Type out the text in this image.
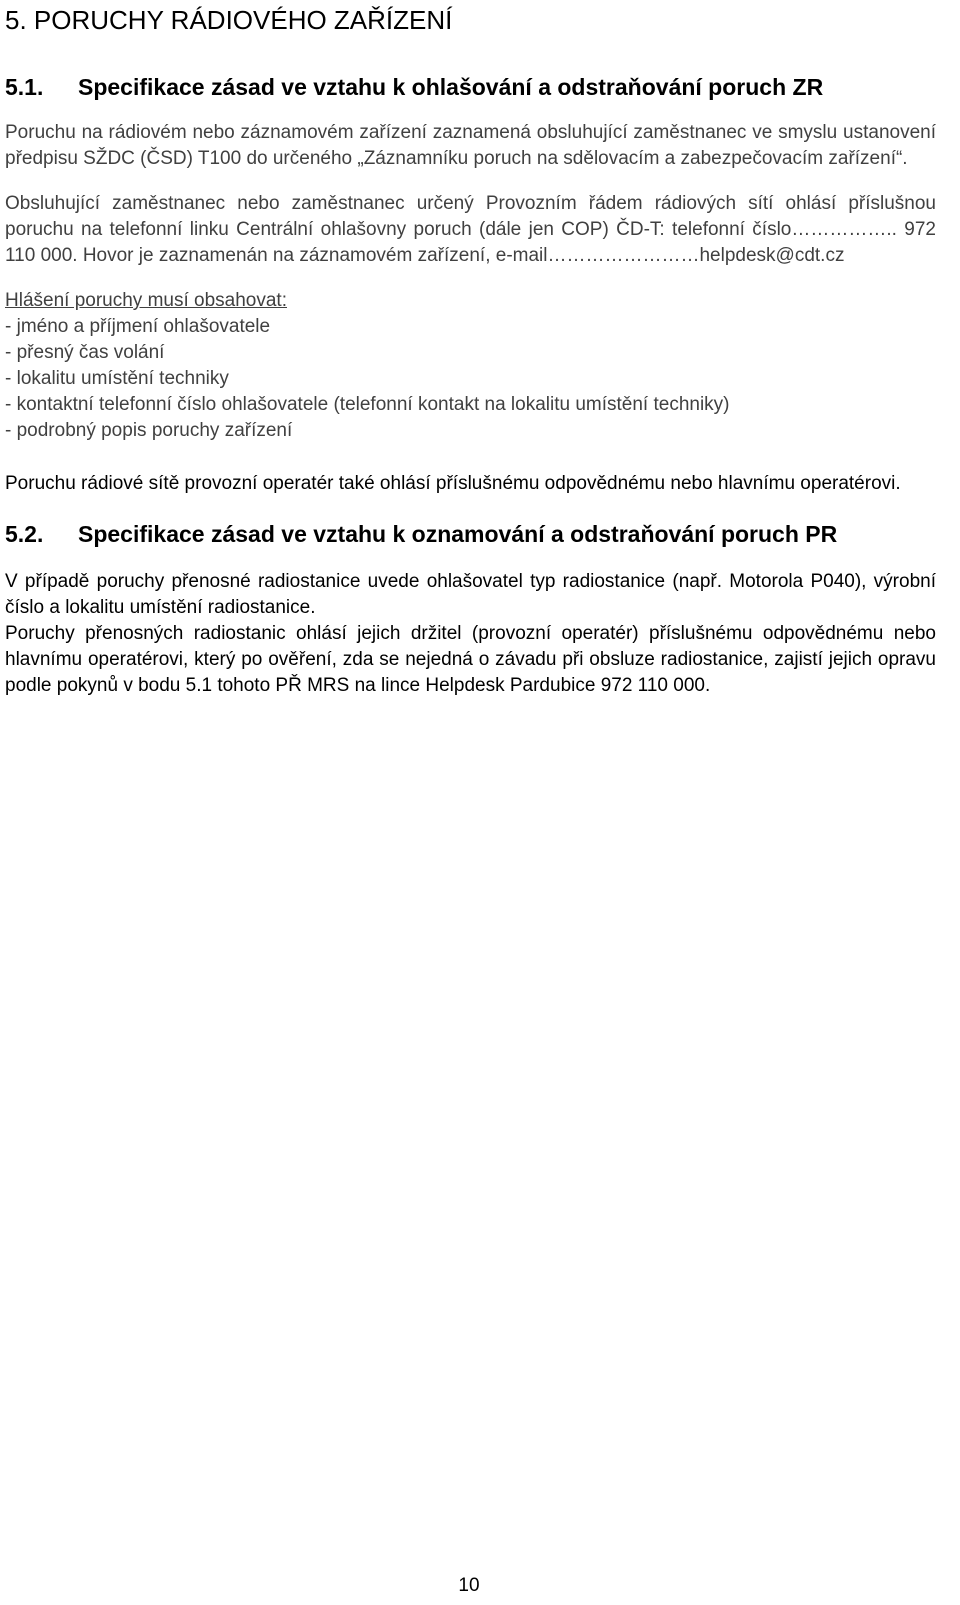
5. PORUCHY RÁDIOVÉHO ZAŘÍZENÍ
5.1.	Specifikace zásad ve vztahu k ohlašování a odstraňování poruch ZR

Poruchu na rádiovém nebo záznamovém zařízení zaznamená obsluhující zaměstnanec ve smyslu ustanovení předpisu SŽDC (ČSD) T100 do určeného „Záznamníku poruch na sdělovacím a zabezpečovacím zařízení“.

Obsluhující zaměstnanec nebo zaměstnanec určený Provozním řádem rádiových sítí ohlásí příslušnou poruchu na telefonní linku Centrální ohlašovny poruch (dále jen COP) ČD-T: telefonní číslo…………….. 972 110 000. Hovor je zaznamenán na záznamovém zařízení, e-mail……………………helpdesk@cdt.cz

Hlášení poruchy musí obsahovat:
- jméno a příjmení ohlašovatele
- přesný čas volání
- lokalitu umístění techniky
- kontaktní telefonní číslo ohlašovatele (telefonní kontakt na lokalitu umístění techniky)
- podrobný popis poruchy zařízení

Poruchu rádiové sítě provozní operatér také ohlásí příslušnému odpovědnému nebo hlavnímu operatérovi.

5.2.	Specifikace zásad ve vztahu k oznamování a odstraňování poruch PR

V případě poruchy přenosné radiostanice uvede ohlašovatel typ radiostanice (např. Motorola P040), výrobní číslo a lokalitu umístění radiostanice.

Poruchy přenosných radiostanic ohlásí jejich držitel (provozní operatér) příslušnému odpovědnému nebo hlavnímu operatérovi, který po ověření, zda se nejedná o závadu při obsluze radiostanice, zajistí jejich opravu podle pokynů v bodu 5.1 tohoto PŘ MRS na lince Helpdesk Pardubice 972 110 000.

10
